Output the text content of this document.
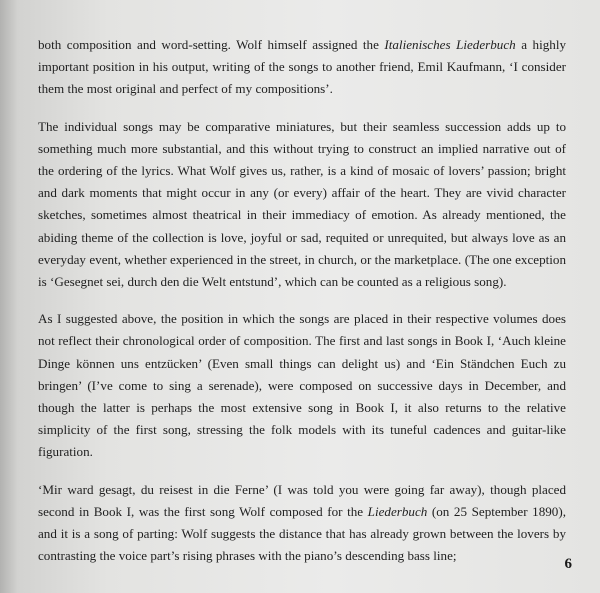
both composition and word-setting. Wolf himself assigned the Italienisches Liederbuch a highly important position in his output, writing of the songs to another friend, Emil Kaufmann, ‘I consider them the most original and perfect of my compositions’.

The individual songs may be comparative miniatures, but their seamless succession adds up to something much more substantial, and this without trying to construct an implied narrative out of the ordering of the lyrics. What Wolf gives us, rather, is a kind of mosaic of lovers’ passion; bright and dark moments that might occur in any (or every) affair of the heart. They are vivid character sketches, sometimes almost theatrical in their immediacy of emotion. As already mentioned, the abiding theme of the collection is love, joyful or sad, requited or unrequited, but always love as an everyday event, whether experienced in the street, in church, or the marketplace. (The one exception is ‘Gesegnet sei, durch den die Welt entstund’, which can be counted as a religious song).

As I suggested above, the position in which the songs are placed in their respective volumes does not reflect their chronological order of composition. The first and last songs in Book I, ‘Auch kleine Dinge können uns entzücken’ (Even small things can delight us) and ‘Ein Ständchen Euch zu bringen’ (I’ve come to sing a serenade), were composed on successive days in December, and though the latter is perhaps the most extensive song in Book I, it also returns to the relative simplicity of the first song, stressing the folk models with its tuneful cadences and guitar-like figuration.

‘Mir ward gesagt, du reisest in die Ferne’ (I was told you were going far away), though placed second in Book I, was the first song Wolf composed for the Liederbuch (on 25 September 1890), and it is a song of parting: Wolf suggests the distance that has already grown between the lovers by contrasting the voice part’s rising phrases with the piano’s descending bass line;

6
